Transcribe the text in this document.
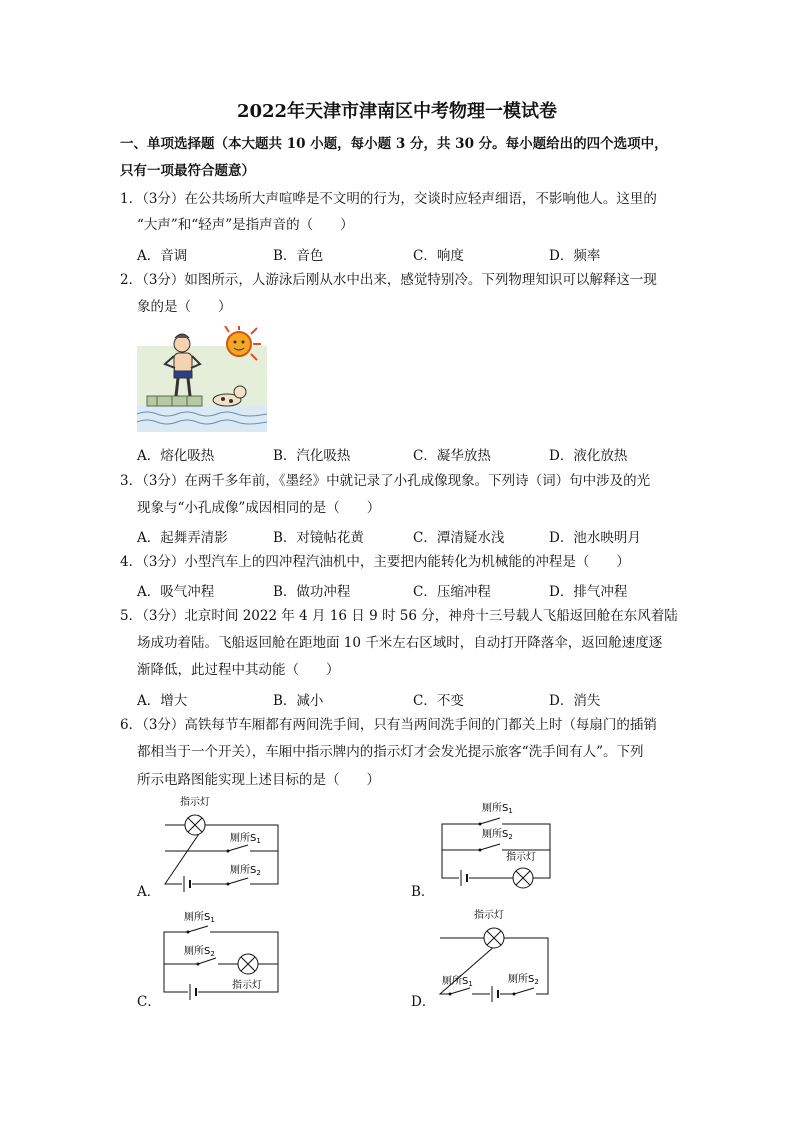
2022年天津市津南区中考物理一模试卷
一、单项选择题（本大题共 10 小题，每小题 3 分，共 30 分。每小题给出的四个选项中，
只有一项最符合题意）
1．（3分）在公共场所大声喧哗是不文明的行为，交谈时应轻声细语，不影响他人。这里的
“大声”和“轻声”是指声音的（　　）
A．音调	B．音色	C．响度	D．频率
2．（3分）如图所示，人游泳后刚从水中出来，感觉特别冷。下列物理知识可以解释这一现
象的是（　　）
A．熔化吸热	B．汽化吸热	C．凝华放热	D．液化放热
3．（3分）在两千多年前，《墨经》中就记录了小孔成像现象。下列诗（词）句中涉及的光
现象与“小孔成像”成因相同的是（　　）
A．起舞弄清影	B．对镜帖花黄	C．潭清疑水浅	D．池水映明月
4．（3分）小型汽车上的四冲程汽油机中，主要把内能转化为机械能的冲程是（　　）
A．吸气冲程	B．做功冲程	C．压缩冲程	D．排气冲程
5．（3分）北京时间 2022 年 4 月 16 日 9 时 56 分，神舟十三号载人飞船返回舱在东风着陆
场成功着陆。飞船返回舱在距地面 10 千米左右区域时，自动打开降落伞，返回舱速度逐
渐降低，此过程中其动能（　　）
A．增大	B．减小	C．不变	D．消失
6．（3分）高铁每节车厢都有两间洗手间，只有当两间洗手间的门都关上时（每扇门的插销
都相当于一个开关），车厢中指示牌内的指示灯才会发光提示旅客“洗手间有人”。下列
所示电路图能实现上述目标的是（　　）
A．	B．
C．	D．
指示灯
厕所$S_1$
厕所$S_2$
厕所$S_1$
厕所$S_2$
指示灯
厕所$S_1$
厕所$S_2$
指示灯
指示灯
厕所$S_1$	厕所$S_2$
